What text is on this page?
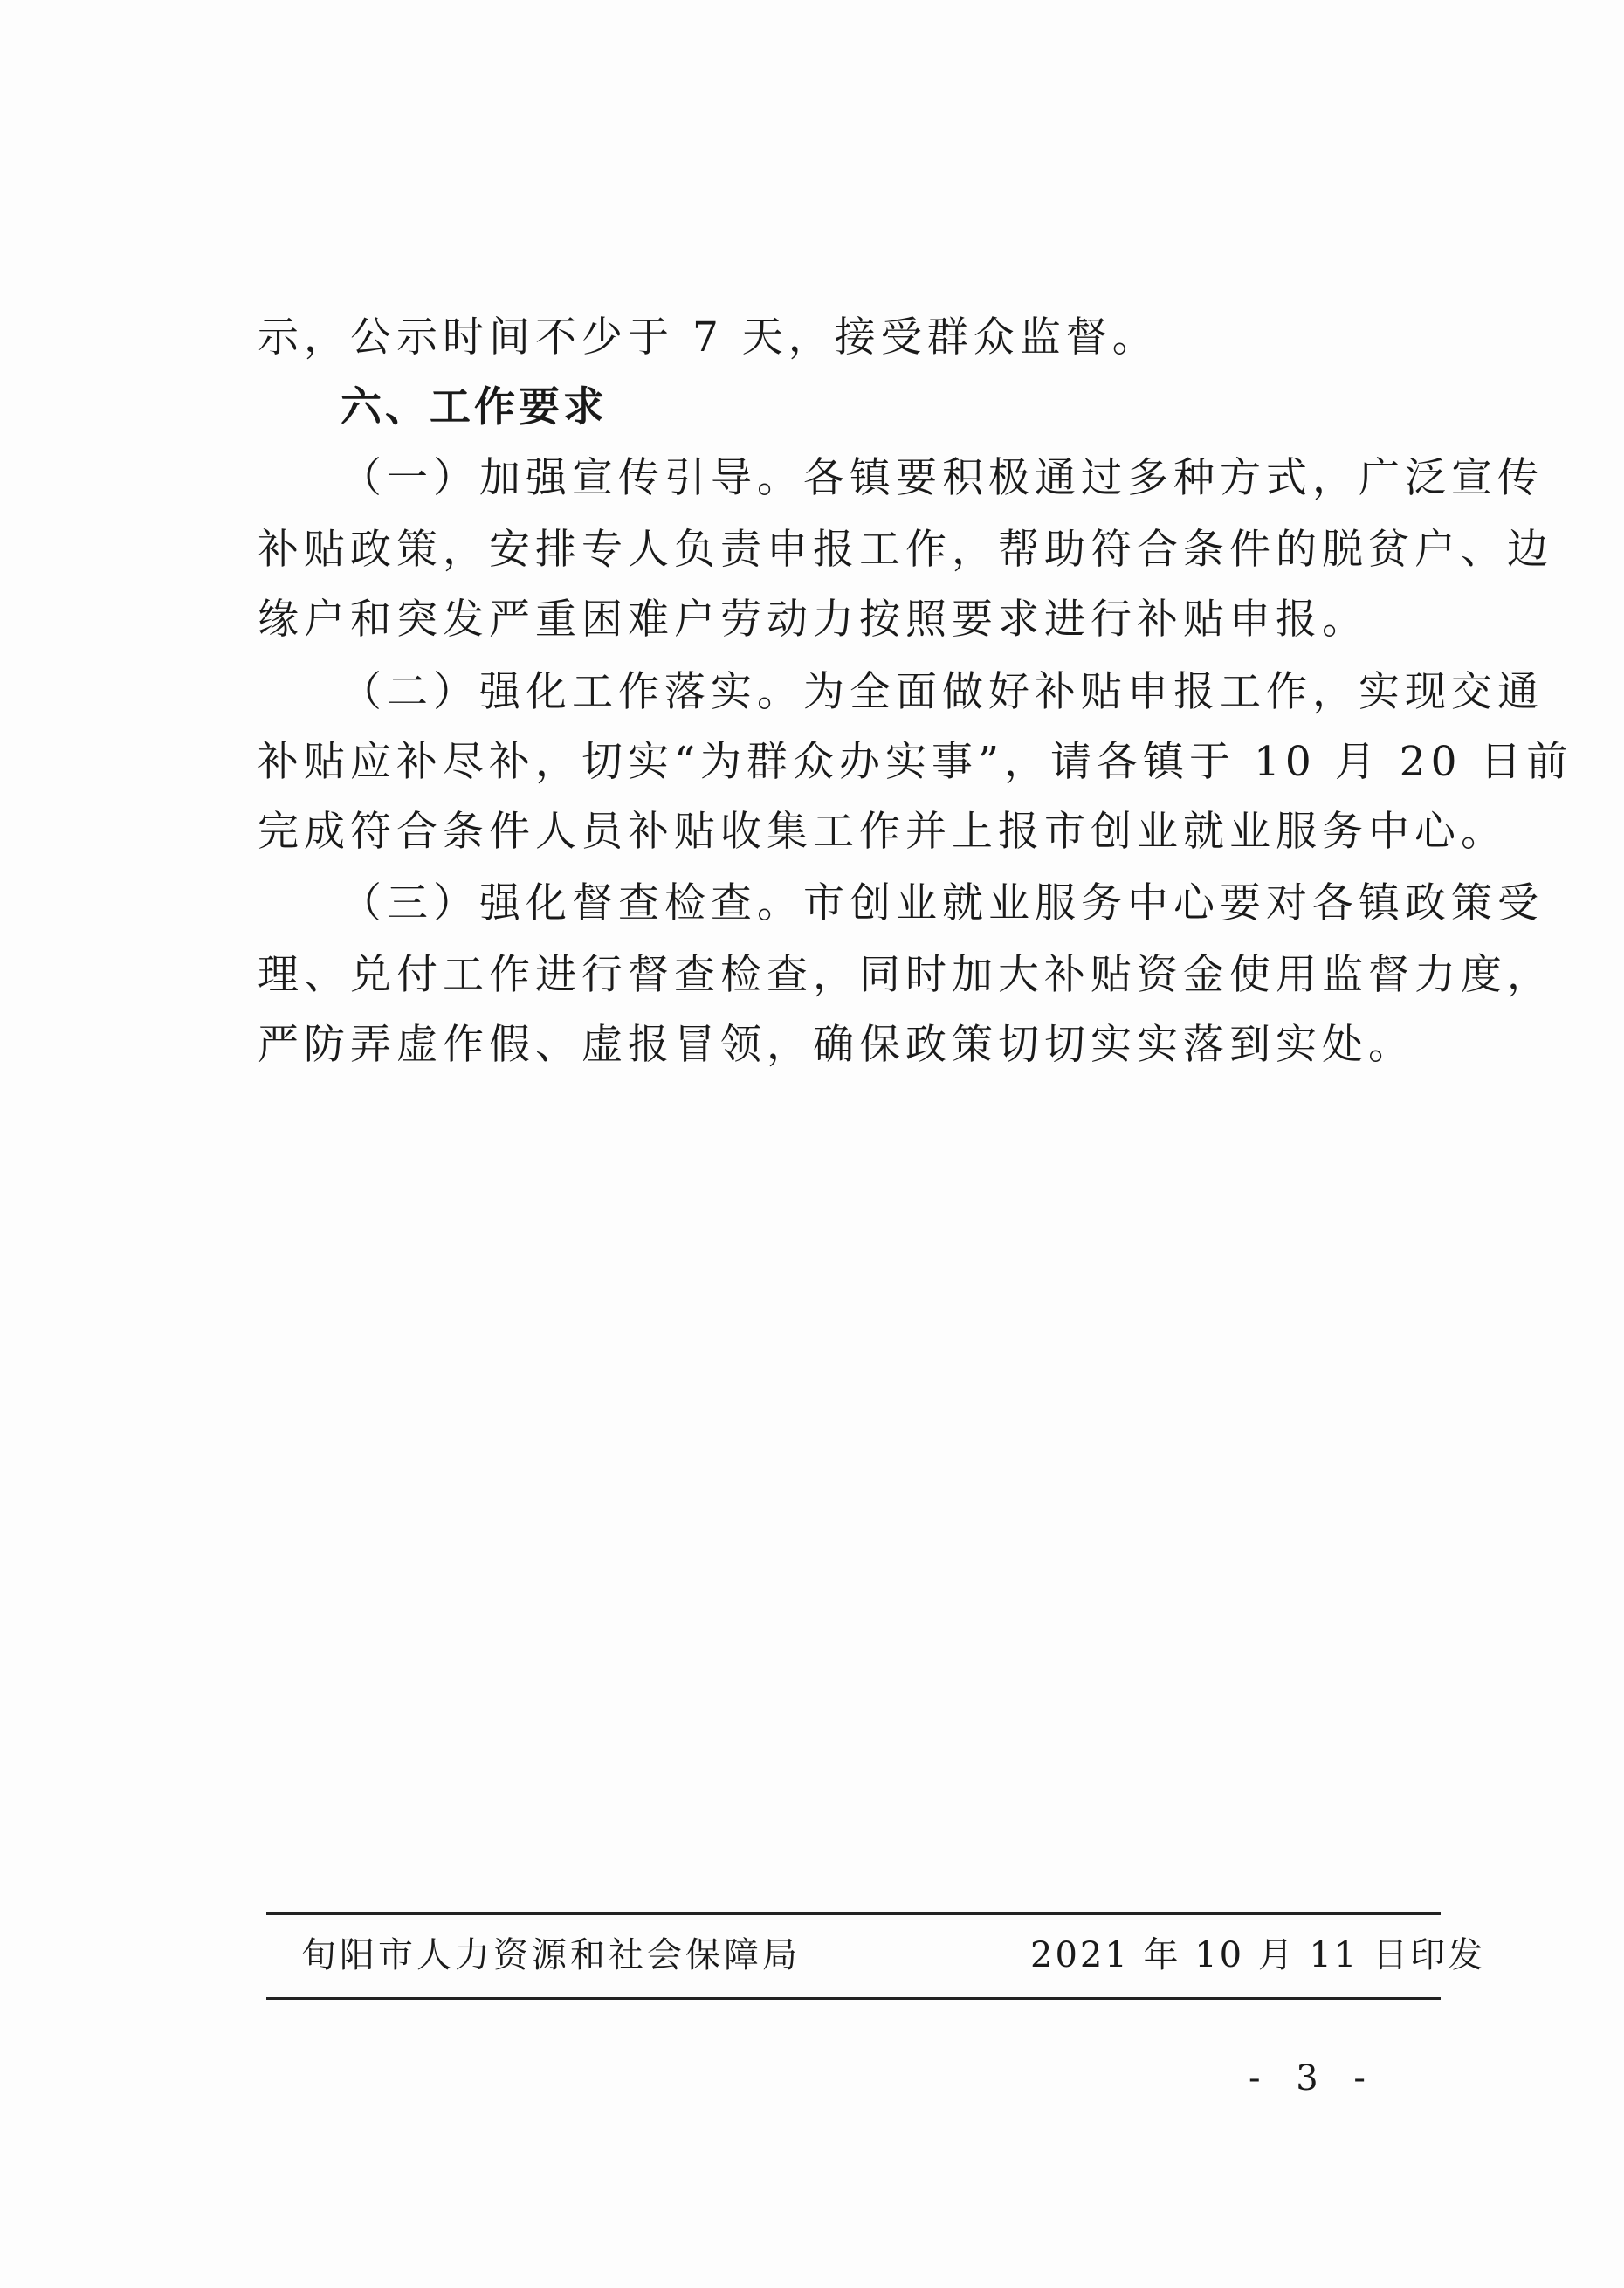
示，公示时间不少于 7 天，接受群众监督。
六、工作要求
（一）加强宣传引导。各镇要积极通过多种方式，广泛宣传
补贴政策，安排专人负责申报工作，帮助符合条件的脱贫户、边
缘户和突发严重困难户劳动力按照要求进行补贴申报。
（二）强化工作落实。为全面做好补贴申报工作，实现交通
补贴应补尽补，切实“为群众办实事”，请各镇于 10 月 20 日前
完成符合条件人员补贴收集工作并上报市创业就业服务中心。
（三）强化督查检查。市创业就业服务中心要对各镇政策受
理、兑付工作进行督查检查，同时加大补贴资金使用监督力度，
严防弄虚作假、虚报冒领，确保政策切切实实落到实处。
旬阳市人力资源和社会保障局	2021 年 10 月 11 日印发
- 3 -
